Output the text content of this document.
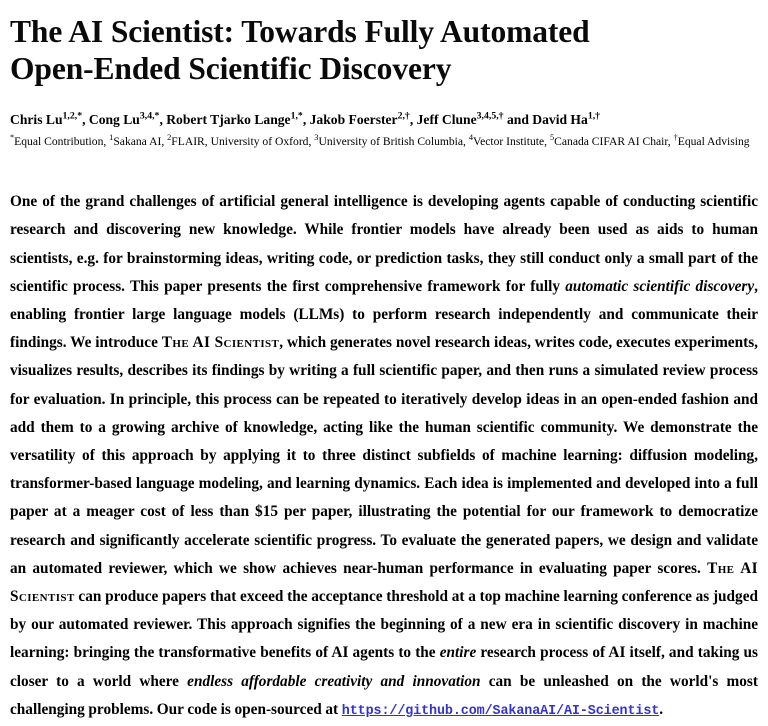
The AI Scientist: Towards Fully Automated
Open-Ended Scientific Discovery

Chris $Lu^{1,2,*}$, Cong $Lu^{3,4,*}$, Robert Tjarko Lange$^{1,*}$, Jakob Foerster$^{2,\dagger}$, Jeff Clune$^{3,4,5,\dagger}$ and David $Ha^{1,\dagger}$

*Equal Contribution, $^1$Sakana AI, $^2$FLAIR, University of Oxford, $^3$University of British Columbia, $^4$Vector Institute, $^5$Canada CIFAR AI Chair, †Equal Advising

One of the grand challenges of artificial general intelligence is developing agents capable of conducting scientific research and discovering new knowledge. While frontier models have already been used as aids to human scientists, e.g. for brainstorming ideas, writing code, or prediction tasks, they still conduct only a small part of the scientific process. This paper presents the first comprehensive framework for fully automatic scientific discovery, enabling frontier large language models (LLMs) to perform research independently and communicate their findings. We introduce The AI Scientist, which generates novel research ideas, writes code, executes experiments, visualizes results, describes its findings by writing a full scientific paper, and then runs a simulated review process for evaluation. In principle, this process can be repeated to iteratively develop ideas in an open-ended fashion and add them to a growing archive of knowledge, acting like the human scientific community. We demonstrate the versatility of this approach by applying it to three distinct subfields of machine learning: diffusion modeling, transformer-based language modeling, and learning dynamics. Each idea is implemented and developed into a full paper at a meager cost of less than $15 per paper, illustrating the potential for our framework to democratize research and significantly accelerate scientific progress. To evaluate the generated papers, we design and validate an automated reviewer, which we show achieves near-human performance in evaluating paper scores. The AI Scientist can produce papers that exceed the acceptance threshold at a top machine learning conference as judged by our automated reviewer. This approach signifies the beginning of a new era in scientific discovery in machine learning: bringing the transformative benefits of AI agents to the entire research process of AI itself, and taking us closer to a world where endless affordable creativity and innovation can be unleashed on the world's most challenging problems. Our code is open-sourced at https://github.com/SakanaAI/AI-Scientist.
